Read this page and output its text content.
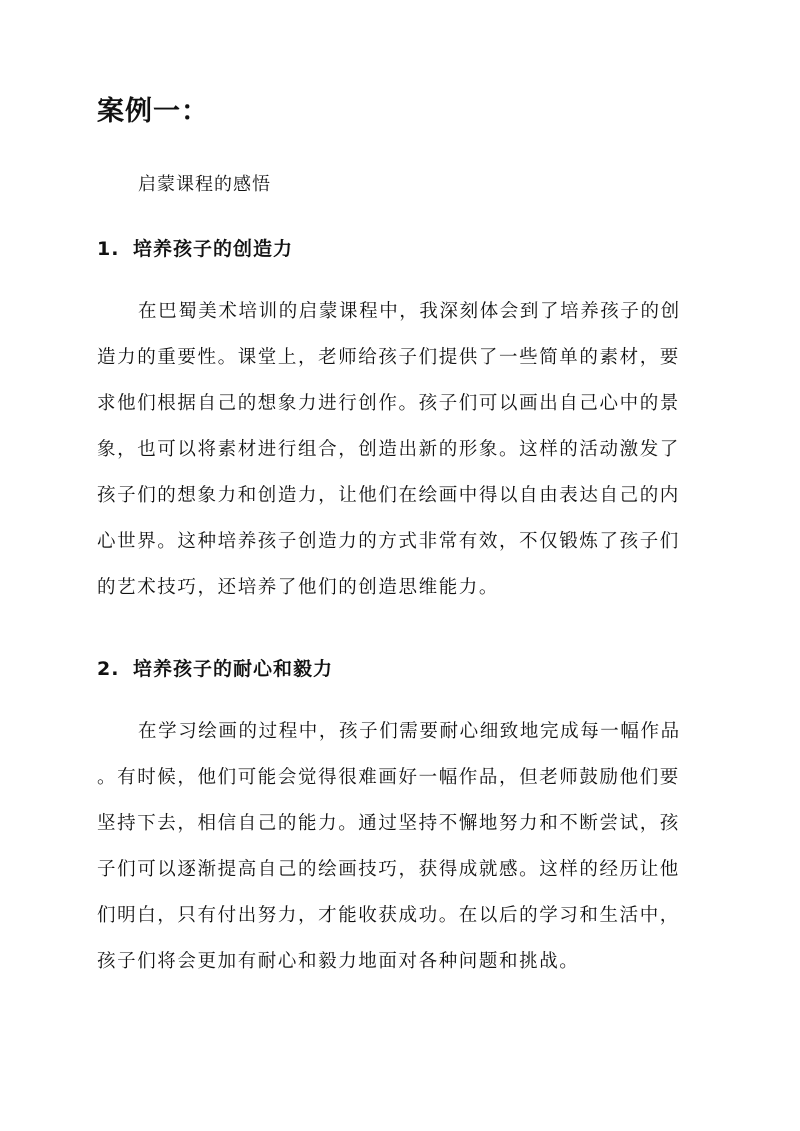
案例一：
启蒙课程的感悟
1. 培养孩子的创造力
在巴蜀美术培训的启蒙课程中，我深刻体会到了培养孩子的创
造力的重要性。课堂上，老师给孩子们提供了一些简单的素材，要
求他们根据自己的想象力进行创作。孩子们可以画出自己心中的景
象，也可以将素材进行组合，创造出新的形象。这样的活动激发了
孩子们的想象力和创造力，让他们在绘画中得以自由表达自己的内
心世界。这种培养孩子创造力的方式非常有效，不仅锻炼了孩子们
的艺术技巧，还培养了他们的创造思维能力。
2. 培养孩子的耐心和毅力
在学习绘画的过程中，孩子们需要耐心细致地完成每一幅作品
。有时候，他们可能会觉得很难画好一幅作品，但老师鼓励他们要
坚持下去，相信自己的能力。通过坚持不懈地努力和不断尝试，孩
子们可以逐渐提高自己的绘画技巧，获得成就感。这样的经历让他
们明白，只有付出努力，才能收获成功。在以后的学习和生活中，
孩子们将会更加有耐心和毅力地面对各种问题和挑战。
